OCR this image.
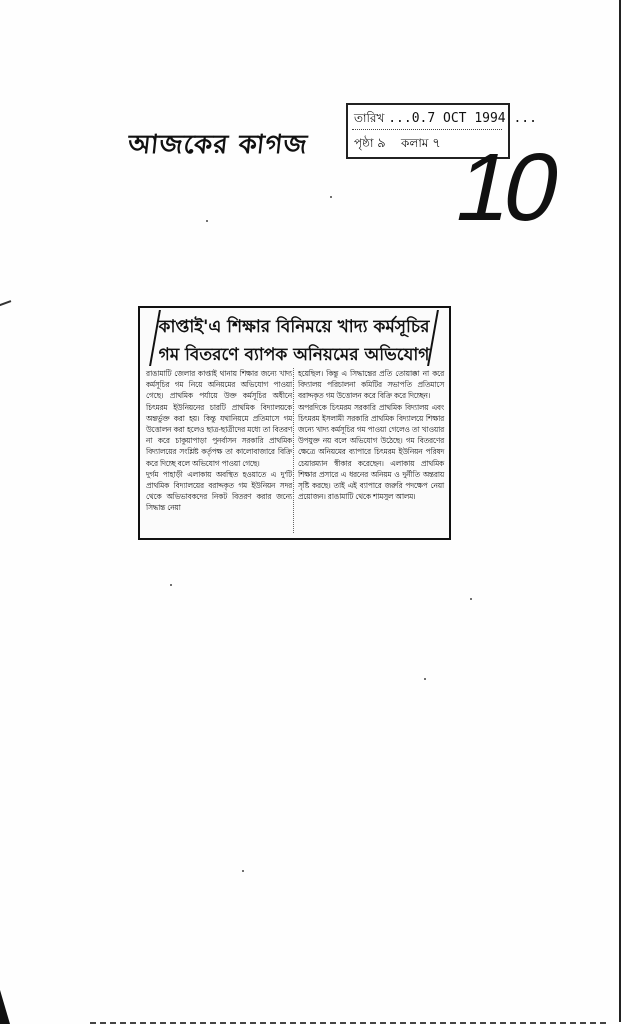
আজকের কাগজ
তারিখ ...0.7 OCT 1994 ...
পৃষ্ঠা ৯ কলাম ৭ 10
কাপ্তাই'এ শিক্ষার বিনিময়ে খাদ্য কর্মসূচির
গম বিতরণে ব্যাপক অনিয়মের অভিযোগ

রাঙামাটি জেলার কাপ্তাই থানায় শিক্ষার জন্যে খাদ্য কর্মসূচির গম নিয়ে অনিয়মের অভিযোগ পাওয়া গেছে। প্রাথমিক পর্যায়ে উক্ত কর্মসূচির অধীনে চিৎমরম ইউনিয়নের চারটি প্রাথমিক বিদ্যালয়কে অন্তর্ভুক্ত করা হয়। কিন্তু যথানিয়মে প্রতিমাসে গম উত্তোলন করা হলেও ছাত্র-ছাত্রীদের মধ্যে তা বিতরণ না করে চাকুয়াপাড়া পুনর্বাসন সরকারি প্রাথমিক বিদ্যালয়ের সংশ্লিষ্ট কর্তৃপক্ষ তা কালোবাজারে বিক্রি করে দিচ্ছে বলে অভিযোগ পাওয়া গেছে।

দুর্গম পাহাড়ী এলাকায় অবস্থিত হওয়াতে এ দু'টি প্রাথমিক বিদ্যালয়ের বরাদ্দকৃত গম ইউনিয়ন সদর থেকে অভিভাবকদের নিকট বিতরণ করার জন্যে সিদ্ধান্ত নেয়া

হয়েছিল। কিন্তু এ সিদ্ধান্তের প্রতি তোয়াক্কা না করে বিদ্যালয় পরিচালনা কমিটির সভাপতি প্রতিমাসে বরাদ্দকৃত গম উত্তোলন করে বিক্রি করে দিচ্ছেন।

অপরদিকে চিৎমরম সরকারি প্রাথমিক বিদ্যালয় এবং চিৎমরম ইসলামী সরকারি প্রাথমিক বিদ্যালয়ে শিক্ষার জন্যে খাদ্য কর্মসূচির গম পাওয়া গেলেও তা খাওয়ার উপযুক্ত নয় বলে অভিযোগ উঠেছে। গম বিতরণের ক্ষেত্রে অনিয়মের ব্যাপারে চিৎমরম ইউনিয়ন পরিষদ চেয়ারম্যান স্বীকার করেছেন। এলাকায় প্রাথমিক শিক্ষার প্রসারে এ ধরনের অনিয়ম ও দুর্নীতি অন্তরায় সৃষ্টি করছে। তাই এই ব্যাপারে জরুরি পদক্ষেপ নেয়া প্রয়োজন। রাঙামাটি থেকে শামসুল আলম।
